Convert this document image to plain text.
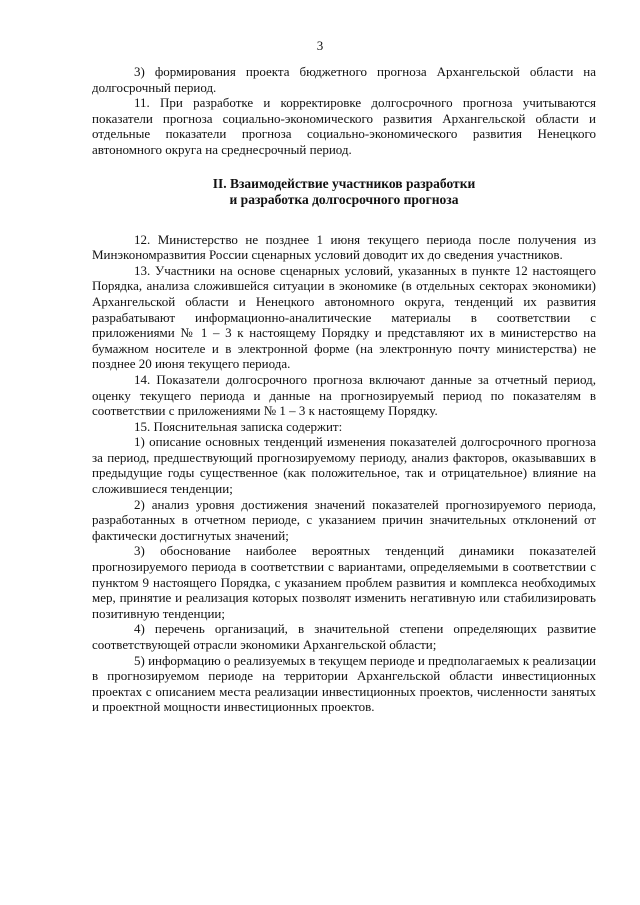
3

3) формирования проекта бюджетного прогноза Архангельской области на долгосрочный период.

11. При разработке и корректировке долгосрочного прогноза учитываются показатели прогноза социально-экономического развития Архангельской области и отдельные показатели прогноза социально-экономического развития Ненецкого автономного округа на среднесрочный период.

II. Взаимодействие участников разработки
и разработка долгосрочного прогноза

12. Министерство не позднее 1 июня текущего периода после получения из Минэкономразвития России сценарных условий доводит их до сведения участников.

13. Участники на основе сценарных условий, указанных в пункте 12 настоящего Порядка, анализа сложившейся ситуации в экономике (в отдельных секторах экономики) Архангельской области и Ненецкого автономного округа, тенденций их развития разрабатывают информационно-аналитические материалы в соответствии с приложениями № 1 – 3 к настоящему Порядку и представляют их в министерство на бумажном носителе и в электронной форме (на электронную почту министерства) не позднее 20 июня текущего периода.

14. Показатели долгосрочного прогноза включают данные за отчетный период, оценку текущего периода и данные на прогнозируемый период по показателям в соответствии с приложениями № 1 – 3 к настоящему Порядку.

15. Пояснительная записка содержит:

1) описание основных тенденций изменения показателей долгосрочного прогноза за период, предшествующий прогнозируемому периоду, анализ факторов, оказывавших в предыдущие годы существенное (как положительное, так и отрицательное) влияние на сложившиеся тенденции;

2) анализ уровня достижения значений показателей прогнозируемого периода, разработанных в отчетном периоде, с указанием причин значительных отклонений от фактически достигнутых значений;

3) обоснование наиболее вероятных тенденций динамики показателей прогнозируемого периода в соответствии с вариантами, определяемыми в соответствии с пунктом 9 настоящего Порядка, с указанием проблем развития и комплекса необходимых мер, принятие и реализация которых позволят изменить негативную или стабилизировать позитивную тенденции;

4) перечень организаций, в значительной степени определяющих развитие соответствующей отрасли экономики Архангельской области;

5) информацию о реализуемых в текущем периоде и предполагаемых к реализации в прогнозируемом периоде на территории Архангельской области инвестиционных проектах с описанием места реализации инвестиционных проектов, численности занятых и проектной мощности инвестиционных проектов.
